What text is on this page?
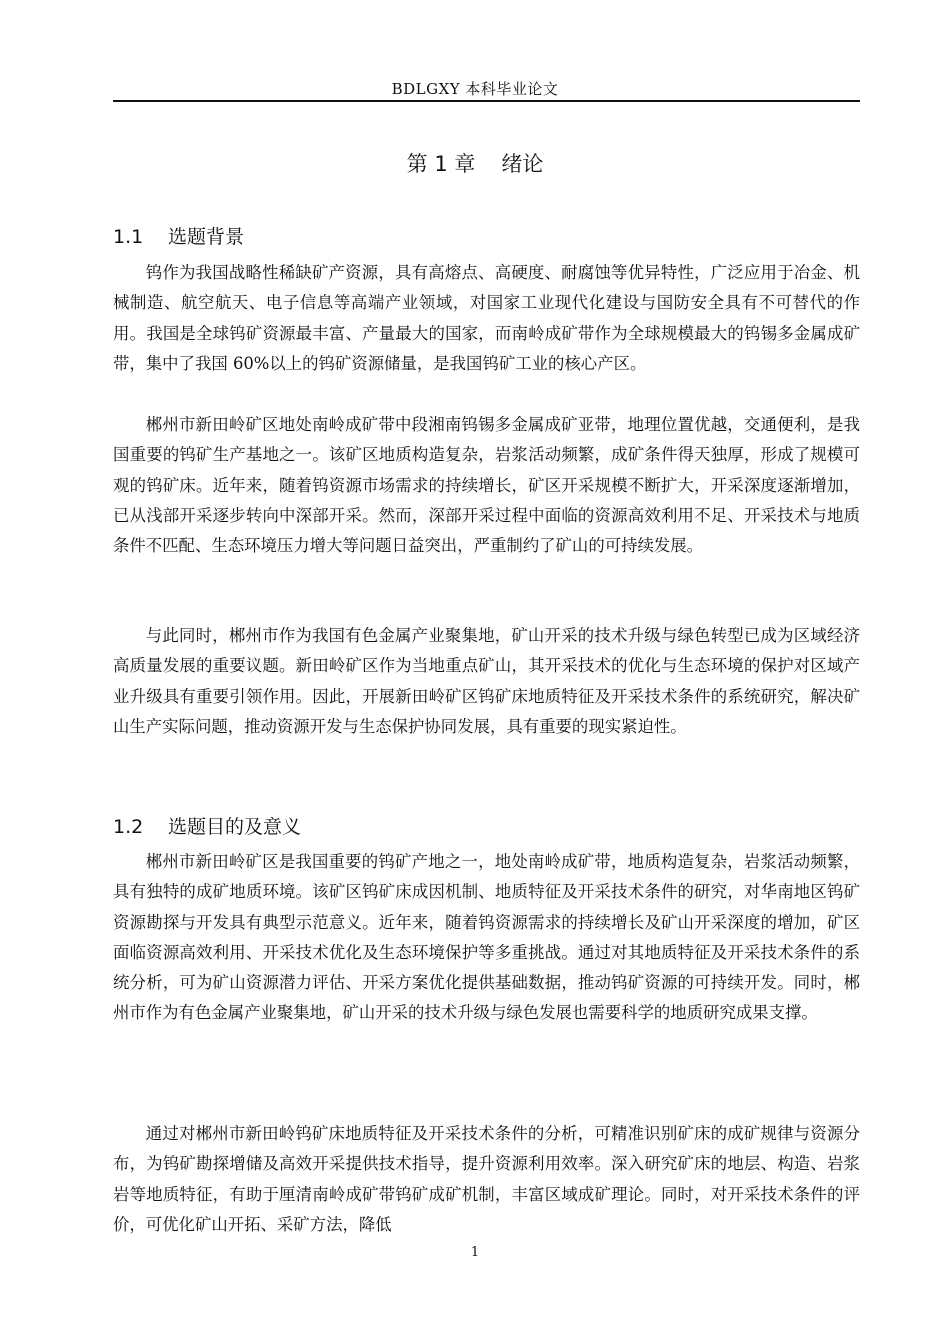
BDLGXY 本科毕业论文
第 1 章 绪论
1.1 选题背景

钨作为我国战略性稀缺矿产资源，具有高熔点、高硬度、耐腐蚀等优异特性，广泛应用于冶金、机械制造、航空航天、电子信息等高端产业领域，对国家工业现代化建设与国防安全具有不可替代的作用。我国是全球钨矿资源最丰富、产量最大的国家，而南岭成矿带作为全球规模最大的钨锡多金属成矿带，集中了我国 60%以上的钨矿资源储量，是我国钨矿工业的核心产区。

郴州市新田岭矿区地处南岭成矿带中段湘南钨锡多金属成矿亚带，地理位置优越，交通便利，是我国重要的钨矿生产基地之一。该矿区地质构造复杂，岩浆活动频繁，成矿条件得天独厚，形成了规模可观的钨矿床。近年来，随着钨资源市场需求的持续增长，矿区开采规模不断扩大，开采深度逐渐增加，已从浅部开采逐步转向中深部开采。然而，深部开采过程中面临的资源高效利用不足、开采技术与地质条件不匹配、生态环境压力增大等问题日益突出，严重制约了矿山的可持续发展。

与此同时，郴州市作为我国有色金属产业聚集地，矿山开采的技术升级与绿色转型已成为区域经济高质量发展的重要议题。新田岭矿区作为当地重点矿山，其开采技术的优化与生态环境的保护对区域产业升级具有重要引领作用。因此，开展新田岭矿区钨矿床地质特征及开采技术条件的系统研究，解决矿山生产实际问题，推动资源开发与生态保护协同发展，具有重要的现实紧迫性。

1.2 选题目的及意义

郴州市新田岭矿区是我国重要的钨矿产地之一，地处南岭成矿带，地质构造复杂，岩浆活动频繁，具有独特的成矿地质环境。该矿区钨矿床成因机制、地质特征及开采技术条件的研究，对华南地区钨矿资源勘探与开发具有典型示范意义。近年来，随着钨资源需求的持续增长及矿山开采深度的增加，矿区面临资源高效利用、开采技术优化及生态环境保护等多重挑战。通过对其地质特征及开采技术条件的系统分析，可为矿山资源潜力评估、开采方案优化提供基础数据，推动钨矿资源的可持续开发。同时，郴州市作为有色金属产业聚集地，矿山开采的技术升级与绿色发展也需要科学的地质研究成果支撑。

通过对郴州市新田岭钨矿床地质特征及开采技术条件的分析，可精准识别矿床的成矿规律与资源分布，为钨矿勘探增储及高效开采提供技术指导，提升资源利用效率。深入研究矿床的地层、构造、岩浆岩等地质特征，有助于厘清南岭成矿带钨矿成矿机制，丰富区域成矿理论。同时，对开采技术条件的评价，可优化矿山开拓、采矿方法，降低

1
